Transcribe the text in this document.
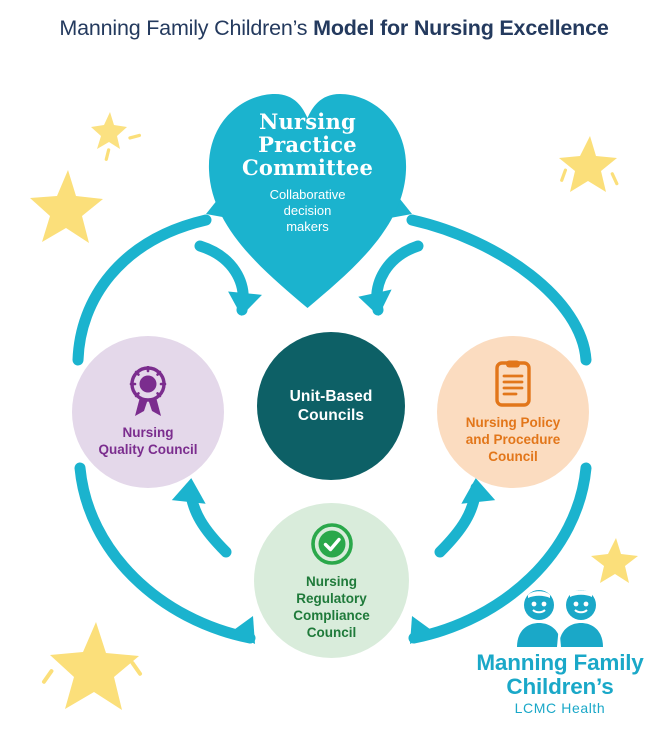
Manning Family Children’s Model for Nursing Excellence
Nursing
Practice
Committee
Collaborative
decision
makers
Unit-Based
Councils
Nursing
Quality Council
Nursing Policy
and Procedure
Council
Nursing
Regulatory
Compliance
Council
Manning Family
Children’s
LCMC Health
